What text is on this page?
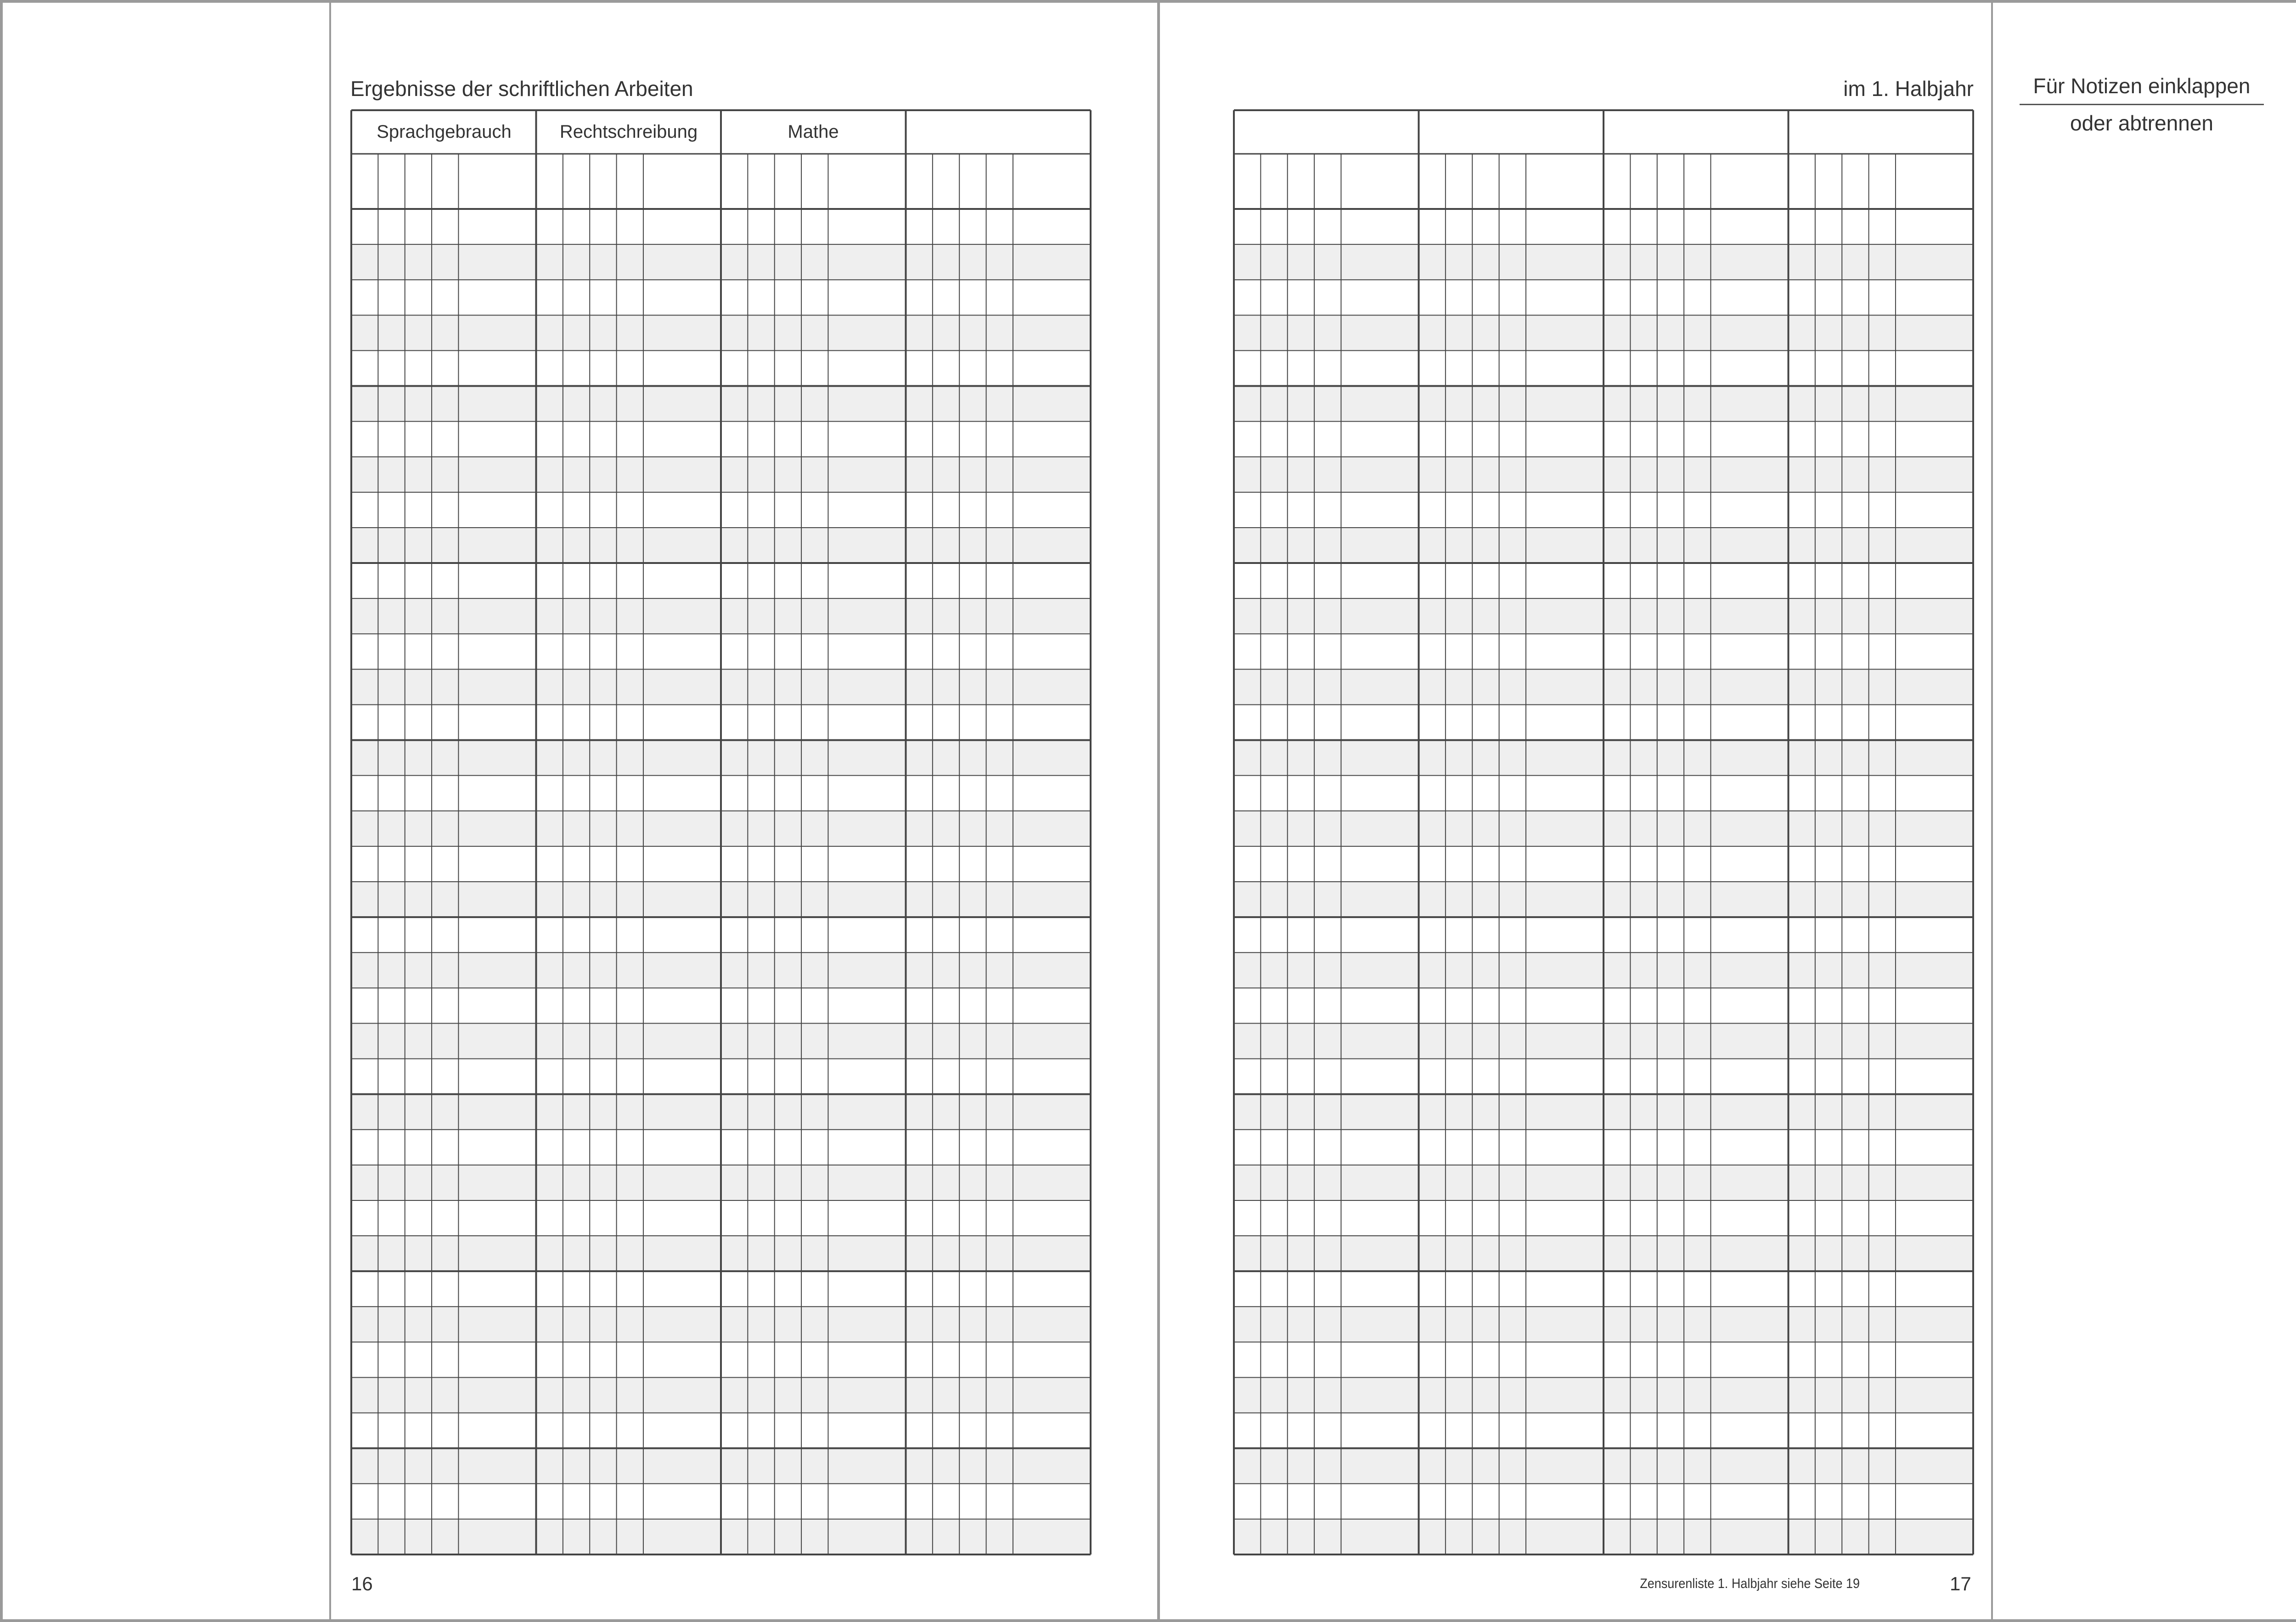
Ergebnisse der schriftlichen Arbeiten	im 1. Halbjahr	Für Notizen einklappen
oder abtrennen
Sprachgebrauch	Rechtschreibung	Mathe
16	17
Zensurenliste 1. Halbjahr siehe Seite 19
